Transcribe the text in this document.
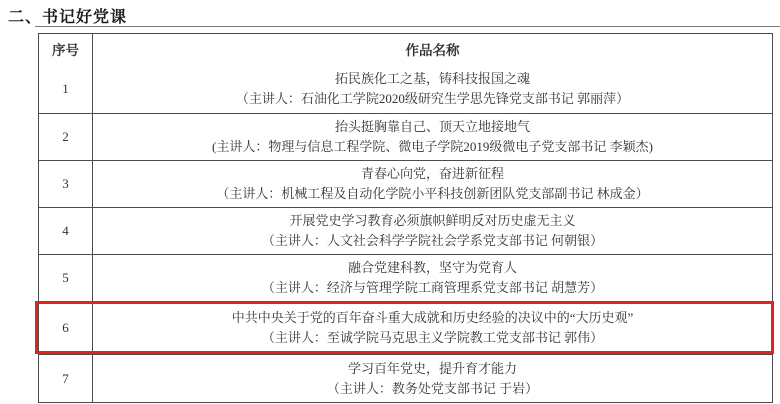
二、书记好党课
序号	作品名称
1
拓民族化工之基，铸科技报国之魂
（主讲人：石油化工学院2020级研究生学思先锋党支部书记 郭丽萍）
2
抬头挺胸靠自己、顶天立地接地气
(主讲人：物理与信息工程学院、微电子学院2019级微电子党支部书记 李颖杰)
3
青春心向党，奋进新征程
（主讲人：机械工程及自动化学院小平科技创新团队党支部副书记 林成金）
4
开展党史学习教育必须旗帜鲜明反对历史虚无主义
（主讲人：人文社会科学学院社会学系党支部书记 何朝银）
5
融合党建科教，坚守为党育人
（主讲人：经济与管理学院工商管理系党支部书记 胡慧芳）
6
中共中央关于党的百年奋斗重大成就和历史经验的决议中的“大历史观”
（主讲人：至诚学院马克思主义学院教工党支部书记 郭伟）
7
学习百年党史，提升育才能力
（主讲人：教务处党支部书记 于岩）
